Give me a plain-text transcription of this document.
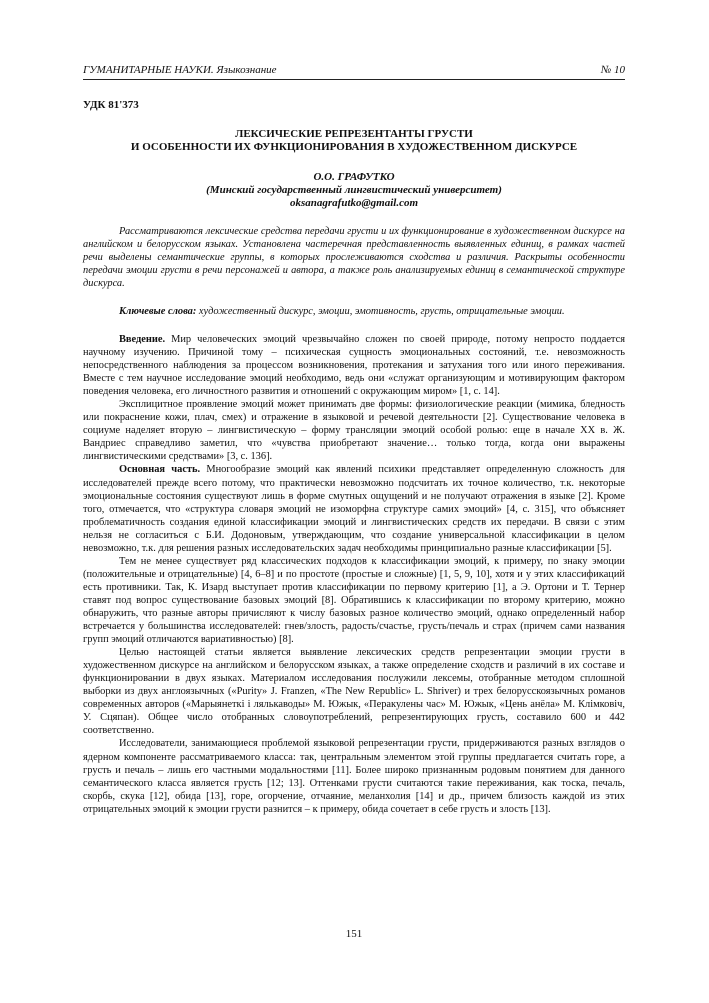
ГУМАНИТАРНЫЕ НАУКИ. Языкознание	№ 10
УДК 81'373
ЛЕКСИЧЕСКИЕ РЕПРЕЗЕНТАНТЫ ГРУСТИ
И ОСОБЕННОСТИ ИХ ФУНКЦИОНИРОВАНИЯ В ХУДОЖЕСТВЕННОМ ДИСКУРСЕ
О.О. ГРАФУТКО
(Минский государственный лингвистический университет)
oksanagrafutko@gmail.com
Рассматриваются лексические средства передачи грусти и их функционирование в художественном дискурсе на английском и белорусском языках. Установлена частеречная представленность выявленных единиц, в рамках частей речи выделены семантические группы, в которых прослеживаются сходства и различия. Раскрыты особенности передачи эмоции грусти в речи персонажей и автора, а также роль анализируемых единиц в семантической структуре дискурса.
Ключевые слова: художественный дискурс, эмоции, эмотивность, грусть, отрицательные эмоции.

Введение. Мир человеческих эмоций чрезвычайно сложен по своей природе, потому непросто поддается научному изучению. Причиной тому – психическая сущность эмоциональных состояний, т.е. невозможность непосредственного наблюдения за процессом возникновения, протекания и затухания того или иного переживания. Вместе с тем научное исследование эмоций необходимо, ведь они «служат организующим и мотивирующим фактором поведения человека, его личностного развития и отношений с окружающим миром» [1, с. 14].

Эксплицитное проявление эмоций может принимать две формы: физиологические реакции (мимика, бледность или покраснение кожи, плач, смех) и отражение в языковой и речевой деятельности [2]. Существование человека в социуме наделяет вторую – лингвистическую – форму трансляции эмоций особой ролью: еще в начале ХХ в. Ж. Вандриес справедливо заметил, что «чувства приобретают значение… только тогда, когда они выражены лингвистическими средствами» [3, с. 136].

Основная часть. Многообразие эмоций как явлений психики представляет определенную сложность для исследователей прежде всего потому, что практически невозможно подсчитать их точное количество, т.к. некоторые эмоциональные состояния существуют лишь в форме смутных ощущений и не получают отражения в языке [2]. Кроме того, отмечается, что «структура словаря эмоций не изоморфна структуре самих эмоций» [4, с. 315], что объясняет проблематичность создания единой классификации эмоций и лингвистических средств их передачи. В связи с этим нельзя не согласиться с Б.И. Додоновым, утверждающим, что создание универсальной классификации в целом невозможно, т.к. для решения разных исследовательских задач необходимы принципиально разные классификации [5].

Тем не менее существует ряд классических подходов к классификации эмоций, к примеру, по знаку эмоции (положительные и отрицательные) [4, 6–8] и по простоте (простые и сложные) [1, 5, 9, 10], хотя и у этих классификаций есть противники. Так, К. Изард выступает против классификации по первому критерию [1], а Э. Ортони и Т. Тернер ставят под вопрос существование базовых эмоций [8]. Обратившись к классификации по второму критерию, можно обнаружить, что разные авторы причисляют к числу базовых разное количество эмоций, однако определенный набор встречается у большинства исследователей: гнев/злость, радость/счастье, грусть/печаль и страх (причем сами названия групп эмоций отличаются вариативностью) [8].

Целью настоящей статьи является выявление лексических средств репрезентации эмоции грусти в художественном дискурсе на английском и белорусском языках, а также определение сходств и различий в их составе и функционировании в двух языках. Материалом исследования послужили лексемы, отобранные методом сплошной выборки из двух англоязычных («Purity» J. Franzen, «The New Republic» L. Shriver) и трех белорусскоязычных романов современных авторов («Марыянеткі і лялькаводы» М. Южык, «Пеpакулены час» М. Южык, «Цень анёла» М. Клімковіч, У. Сцяпан). Общее число отобранных словоупотреблений, репрезентирующих грусть, составило 600 и 442 соответственно.

Исследователи, занимающиеся проблемой языковой репрезентации грусти, придерживаются разных взглядов о ядерном компоненте рассматриваемого класса: так, центральным элементом этой группы предлагается считать горе, а грусть и печаль – лишь его частными модальностями [11]. Более широко признанным родовым понятием для данного семантического класса является грусть [12; 13]. Оттенками грусти считаются такие переживания, как тоска, печаль, скорбь, скука [12], обида [13], горе, огорчение, отчаяние, меланхолия [14] и др., причем близость каждой из этих отрицательных эмоций к эмоции грусти разнится – к примеру, обида сочетает в себе грусть и злость [13].

151
